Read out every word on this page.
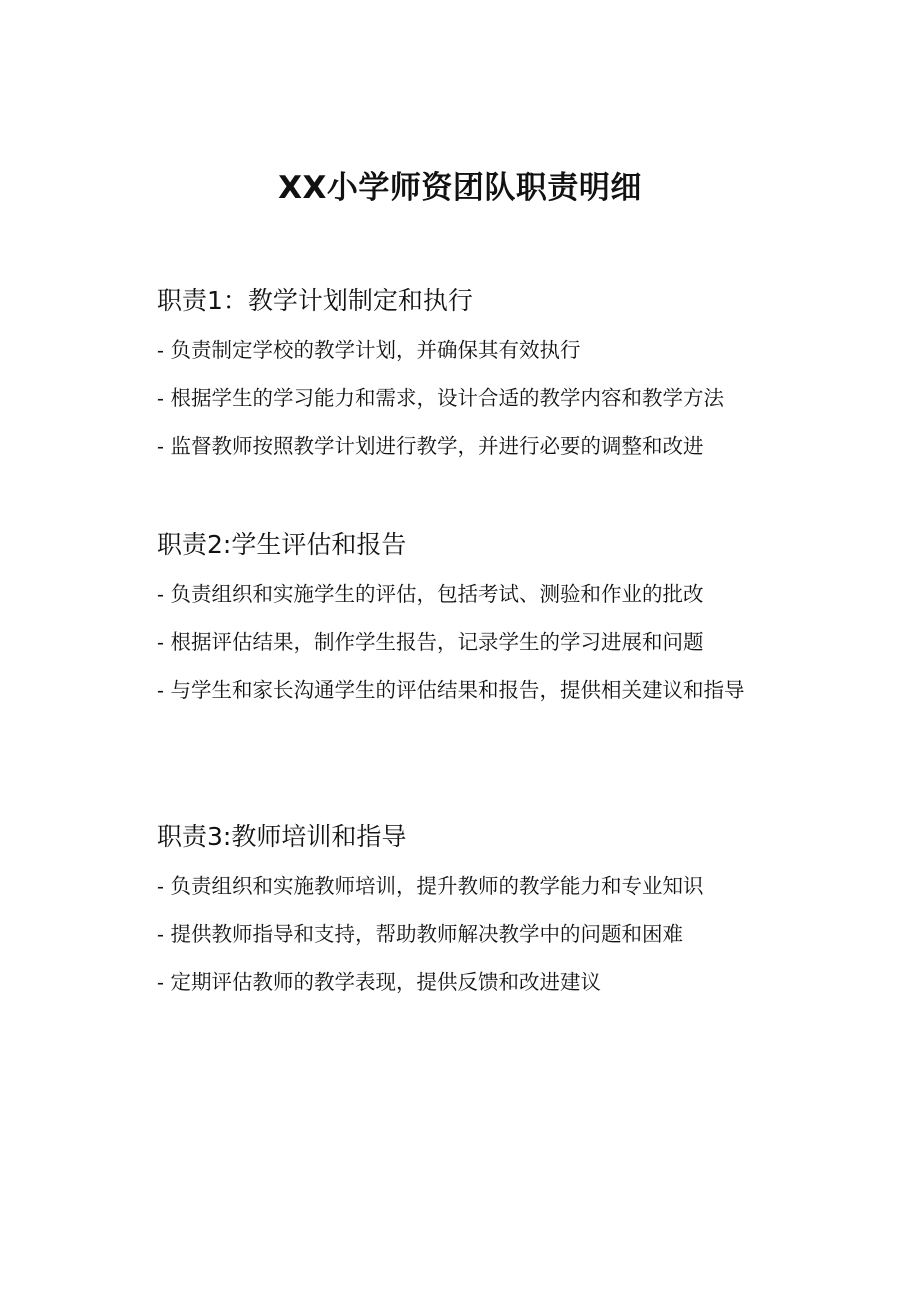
XX小学师资团队职责明细
职责1：教学计划制定和执行
- 负责制定学校的教学计划，并确保其有效执行
- 根据学生的学习能力和需求，设计合适的教学内容和教学方法
- 监督教师按照教学计划进行教学，并进行必要的调整和改进
职责2:学生评估和报告
- 负责组织和实施学生的评估，包括考试、测验和作业的批改
- 根据评估结果，制作学生报告，记录学生的学习进展和问题
- 与学生和家长沟通学生的评估结果和报告，提供相关建议和指导
职责3:教师培训和指导
- 负责组织和实施教师培训，提升教师的教学能力和专业知识
- 提供教师指导和支持，帮助教师解决教学中的问题和困难
- 定期评估教师的教学表现，提供反馈和改进建议
